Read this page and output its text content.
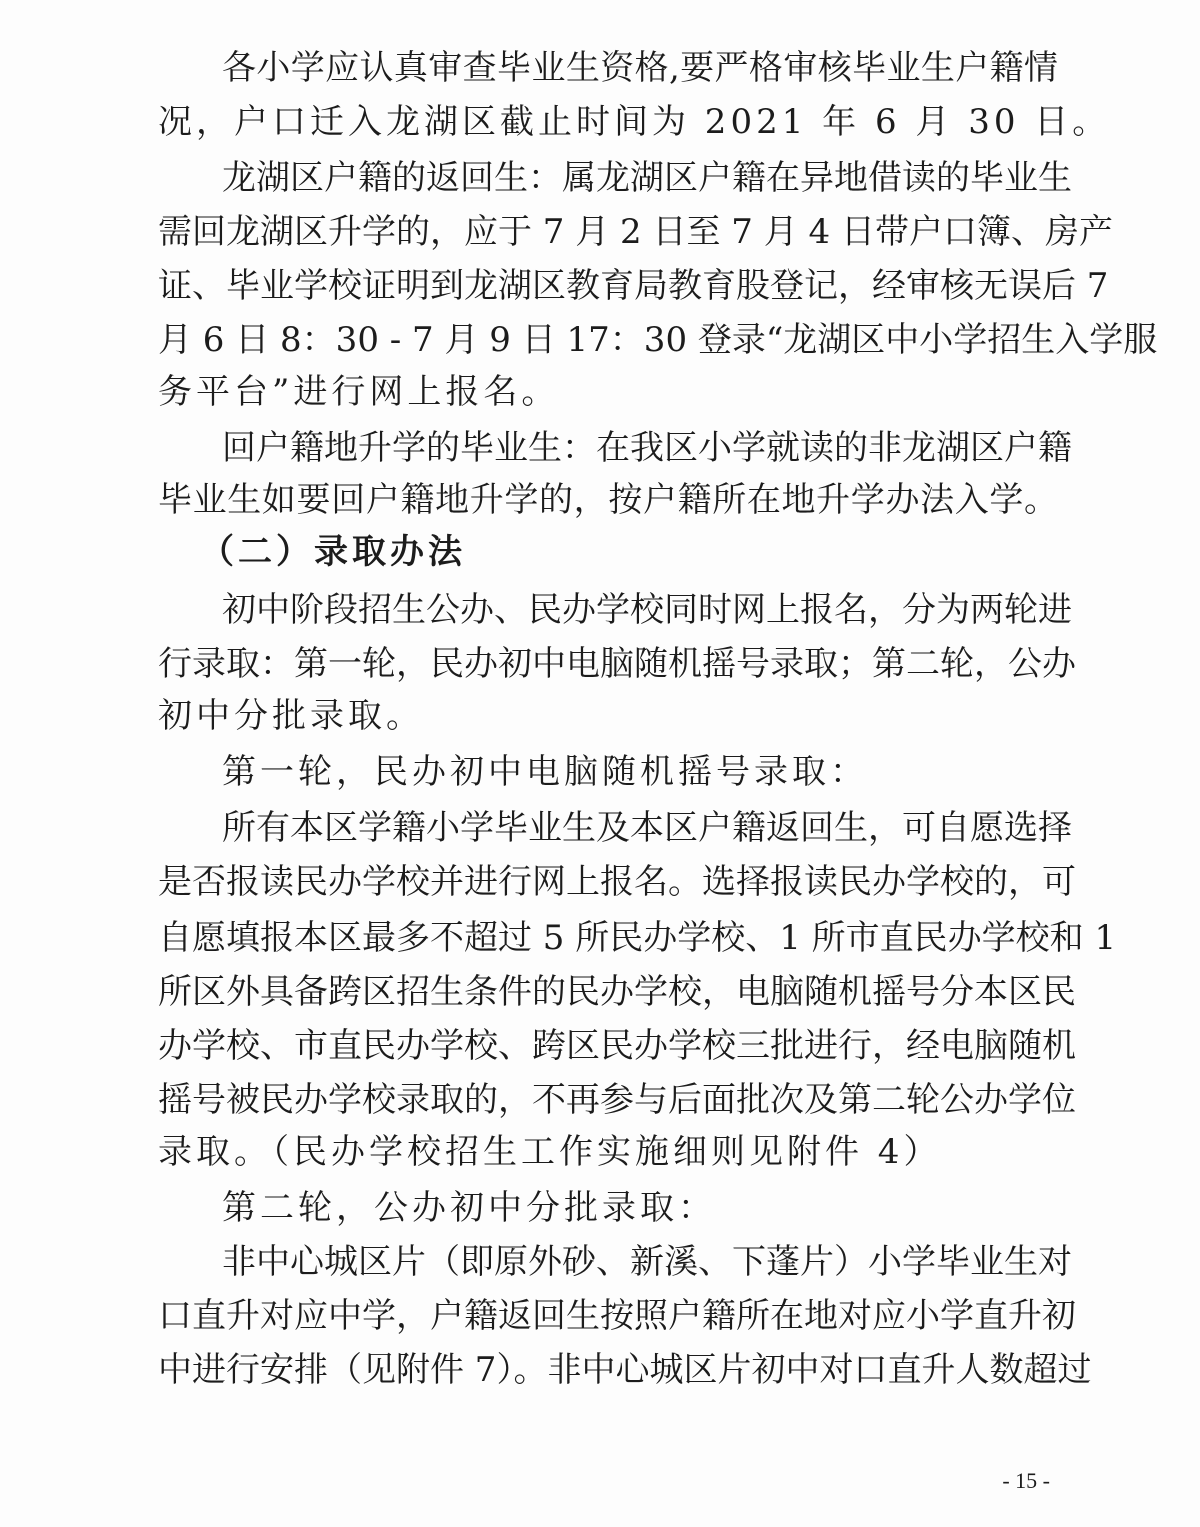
各小学应认真审查毕业生资格,要严格审核毕业生户籍情
况，户口迁入龙湖区截止时间为 2021 年 6 月 30 日。
龙湖区户籍的返回生：属龙湖区户籍在异地借读的毕业生
需回龙湖区升学的，应于 7 月 2 日至 7 月 4 日带户口簿、房产
证、毕业学校证明到龙湖区教育局教育股登记，经审核无误后 7
月 6 日 8：30 - 7 月 9 日 17：30 登录“龙湖区中小学招生入学服
务平台”进行网上报名。
回户籍地升学的毕业生：在我区小学就读的非龙湖区户籍
毕业生如要回户籍地升学的，按户籍所在地升学办法入学。
（二）录取办法
初中阶段招生公办、民办学校同时网上报名，分为两轮进
行录取：第一轮，民办初中电脑随机摇号录取；第二轮，公办
初中分批录取。
第一轮，民办初中电脑随机摇号录取：
所有本区学籍小学毕业生及本区户籍返回生，可自愿选择
是否报读民办学校并进行网上报名。选择报读民办学校的，可
自愿填报本区最多不超过 5 所民办学校、1 所市直民办学校和 1
所区外具备跨区招生条件的民办学校，电脑随机摇号分本区民
办学校、市直民办学校、跨区民办学校三批进行，经电脑随机
摇号被民办学校录取的，不再参与后面批次及第二轮公办学位
录取。（民办学校招生工作实施细则见附件 4）
第二轮，公办初中分批录取：
非中心城区片（即原外砂、新溪、下蓬片）小学毕业生对
口直升对应中学，户籍返回生按照户籍所在地对应小学直升初
中进行安排（见附件 7）。非中心城区片初中对口直升人数超过
- 15 -
